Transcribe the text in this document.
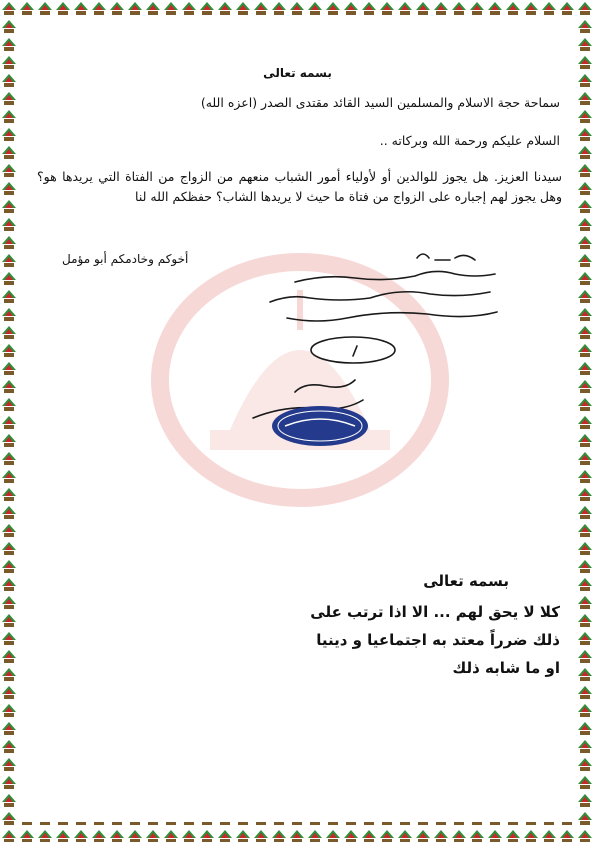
بسمه تعالى
سماحة حجة الاسلام والمسلمين السيد القائد مقتدى الصدر (اعزه الله)
السلام عليكم ورحمة الله وبركاته ..
سيدنا العزيز. هل يجوز للوالدين أو لأولياء أمور الشباب منعهم من الزواج من الفتاة التي يريدها هو؟ وهل يجوز لهم إجباره على الزواج من فتاة ما حيث لا يريدها الشاب؟ حفظكم الله لنا
أخوكم وخادمكم أبو مؤمل
بسمه تعالى
كلا لا يحق لهم ... الا اذا ترتب على
ذلك ضرراً معتد به اجتماعيا و دينيا
او ما شابه ذلك
